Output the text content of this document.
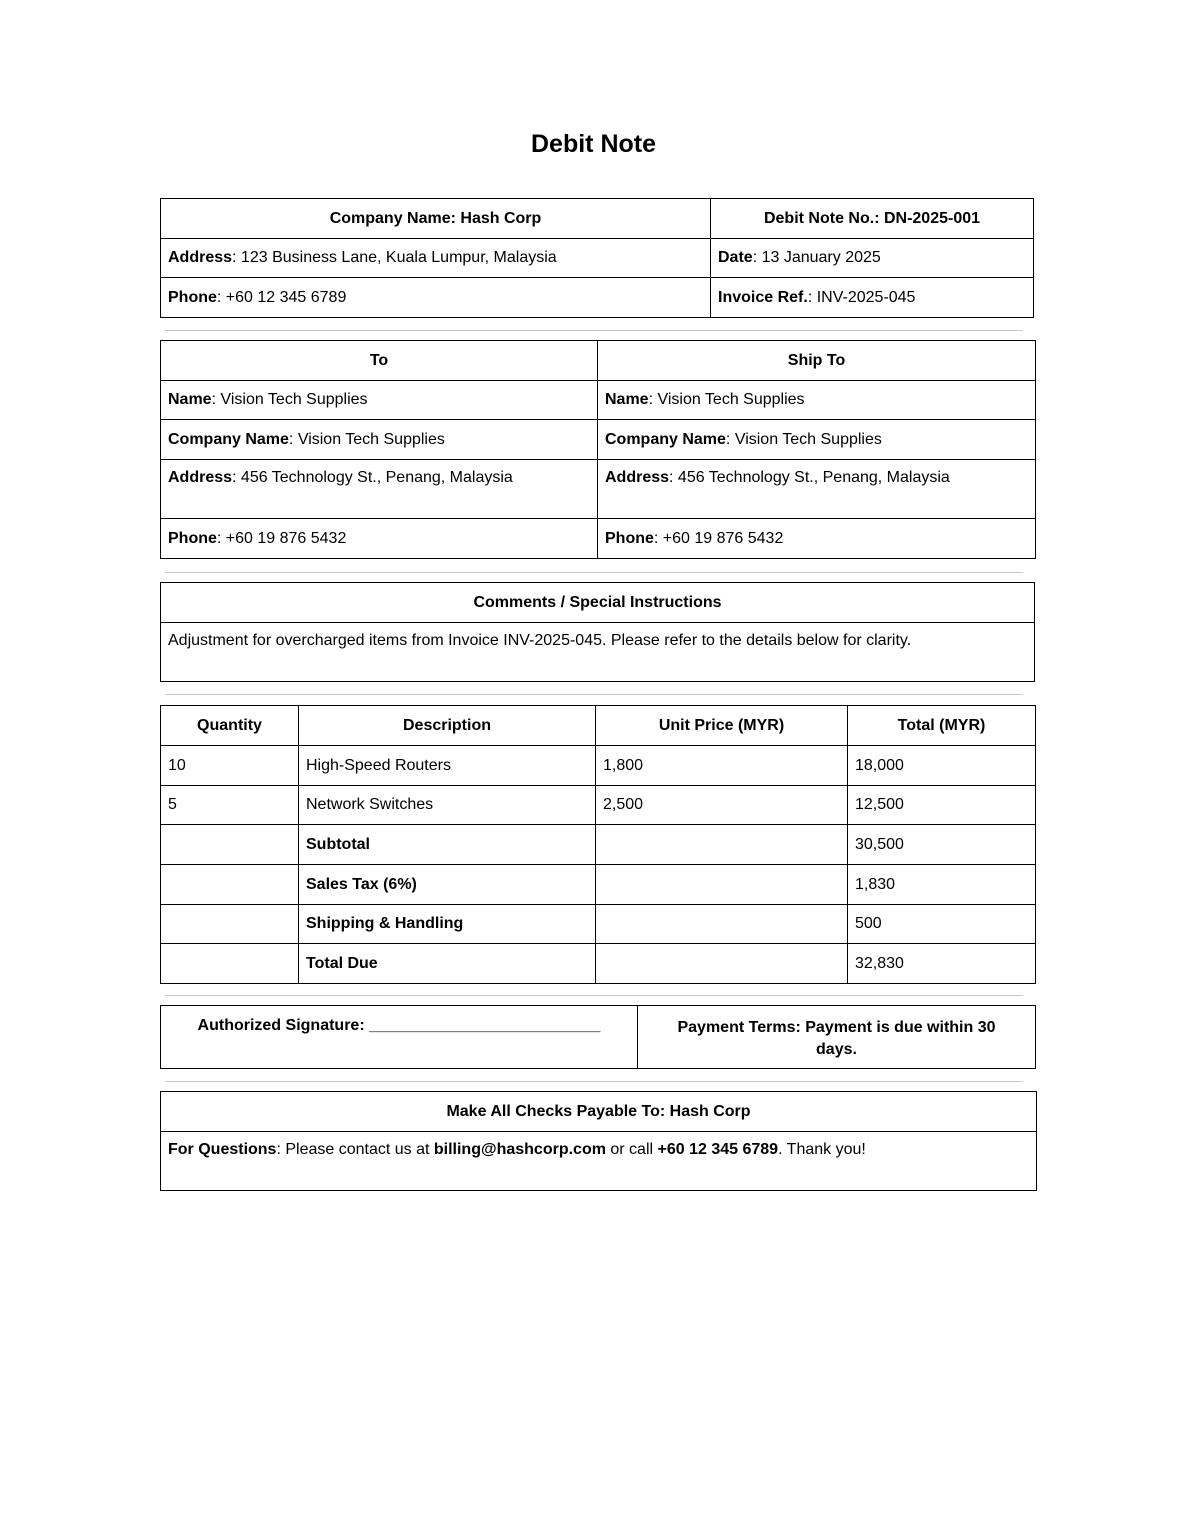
Debit Note
Company Name: Hash Corp	Debit Note No.: DN-2025-001
Address: 123 Business Lane, Kuala Lumpur, Malaysia	Date: 13 January 2025
Phone: +60 12 345 6789	Invoice Ref.: INV-2025-045
To	Ship To
Name: Vision Tech Supplies	Name: Vision Tech Supplies
Company Name: Vision Tech Supplies	Company Name: Vision Tech Supplies
Address: 456 Technology St., Penang, Malaysia	Address: 456 Technology St., Penang, Malaysia
Phone: +60 19 876 5432	Phone: +60 19 876 5432
Comments / Special Instructions
Adjustment for overcharged items from Invoice INV-2025-045. Please refer to the details below for clarity.
Quantity	Description	Unit Price (MYR)	Total (MYR)
10	High-Speed Routers	1,800	18,000
5	Network Switches	2,500	12,500
	Subtotal		30,500
	Sales Tax (6%)		1,830
	Shipping & Handling		500
	Total Due		32,830
Authorized Signature: __________________________	Payment Terms: Payment is due within 30 days.
Make All Checks Payable To: Hash Corp
For Questions: Please contact us at billing@hashcorp.com or call +60 12 345 6789. Thank you!
